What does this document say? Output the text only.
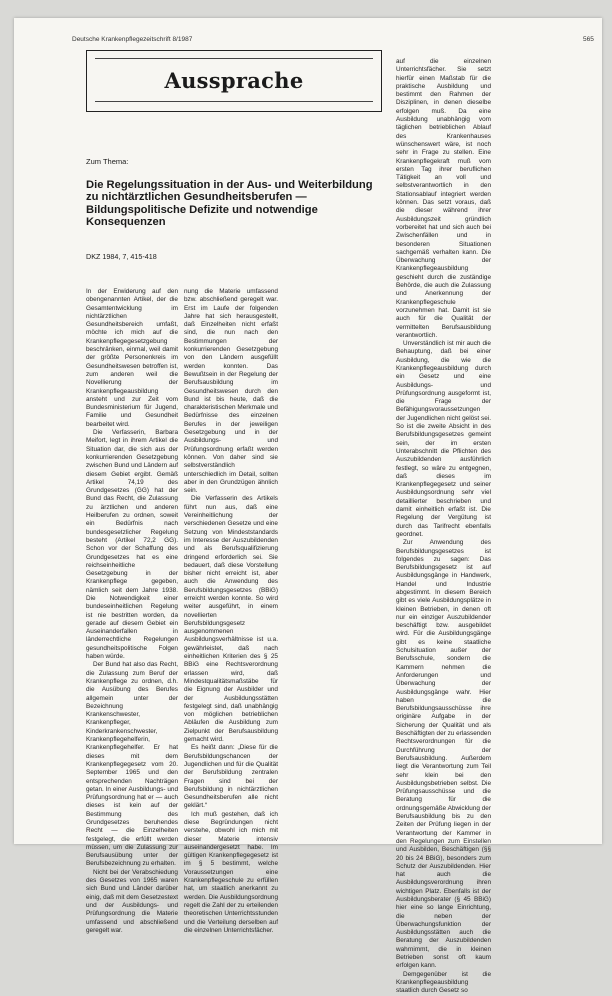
Deutsche Krankenpflegezeitschrift 8/1987	565
Aussprache
Zum Thema:
Die Regelungssituation in der Aus- und Weiterbildung zu nichtärztlichen Gesundheitsberufen — Bildungspolitische Defizite und notwendige Konsequenzen
DKZ 1984, 7, 415-418

In der Erwiderung auf den obengenannten Artikel, der die Gesamtentwicklung im nichtärztlichen Gesundheitsbereich umfaßt, möchte ich mich auf die Krankenpflegegesetzgebung beschränken, einmal, weil damit der größte Personenkreis im Gesundheitswesen betroffen ist, zum anderen weil die Novellierung der Krankenpflegeausbildung ansteht und zur Zeit vom Bundesministerium für Jugend, Familie und Gesundheit bearbeitet wird.

Die Verfasserin, Barbara Meifort, legt in ihrem Artikel die Situation dar, die sich aus der konkurrierenden Gesetzgebung zwischen Bund und Ländern auf diesem Gebiet ergibt. Gemäß Artikel 74,19 des Grundgesetzes (GG) hat der Bund das Recht, die Zulassung zu ärztlichen und anderen Heilberufen zu ordnen, soweit ein Bedürfnis nach bundesgesetzlicher Regelung besteht (Artikel 72,2 GG). Schon vor der Schaffung des Grundgesetzes hat es eine reichseinheitliche Gesetzgebung in der Krankenpflege gegeben, nämlich seit dem Jahre 1938. Die Notwendigkeit einer bundeseinheitlichen Regelung ist nie bestritten worden, da gerade auf diesem Gebiet ein Auseinanderfallen in länderrechtliche Regelungen gesundheitspolitische Folgen haben würde.

Der Bund hat also das Recht, die Zulassung zum Beruf der Krankenpflege zu ordnen, d.h. die Ausübung des Berufes allgemein unter der Bezeichnung Krankenschwester, Krankenpfleger, Kinderkrankenschwester, Krankenpflegehelferin, Krankenpflegehelfer. Er hat dieses mit dem Krankenpflegegesetz vom 20. September 1965 und den entsprechenden Nachträgen getan. In einer Ausbildungs- und Prüfungsordnung hat er — auch dieses ist kein auf der Bestimmung des Grundgesetzes beruhendes Recht — die Einzelheiten festgelegt, die erfüllt werden müssen, um die Zulassung zur Berufsausübung unter der Berufsbezeichnung zu erhalten.

Nicht bei der Verabschiedung des Gesetzes von 1965 waren sich Bund und Länder darüber einig, daß mit dem Gesetzestext und der Ausbildungs- und Prüfungsordnung die Materie umfassend und abschließend geregelt war.

nung die Materie umfassend bzw. abschließend geregelt war. Erst im Laufe der folgenden Jahre hat sich herausgestellt, daß Einzelheiten nicht erfaßt sind, die nun nach den Bestimmungen der konkurrierenden Gesetzgebung von den Ländern ausgefüllt werden konnten. Das Bewußtsein in der Regelung der Berufsausbildung im Gesundheitswesen durch den Bund ist bis heute, daß die charakteristischen Merkmale und Bedürfnisse des einzelnen Berufes in der jeweiligen Gesetzgebung und in der Ausbildungs- und Prüfungsordnung erfaßt werden können. Von daher sind sie selbstverständlich unterschiedlich im Detail, sollten aber in den Grundzügen ähnlich sein.

Die Verfasserin des Artikels führt nun aus, daß eine Vereinheitlichung der verschiedenen Gesetze und eine Setzung von Mindeststandards im Interesse der Auszubildenden und als Berufsqualifizierung dringend erforderlich sei. Sie bedauert, daß diese Vorstellung bisher nicht erreicht ist, aber auch die Anwendung des Berufsbildungsgesetzes (BBiG) erreicht werden konnte. So wird weiter ausgeführt, in einem novellierten Berufsbildungsgesetz ausgenommenen Ausbildungsverhältnisse ist u.a. gewährleistet, daß nach einheitlichen Kriterien des § 25 BBiG eine Rechtsverordnung erlassen wird, daß Mindestqualitätsmaßstäbe für die Eignung der Ausbilder und der Ausbildungsstätten festgelegt sind, daß unabhängig von möglichen betrieblichen Abläufen die Ausbildung zum Zielpunkt der Berufsausbildung gemacht wird.

Es heißt dann: „Diese für die Berufsbildungschancen der Jugendlichen und für die Qualität der Berufsbildung zentralen Fragen sind bei der Berufsbildung in nichtärztlichen Gesundheitsberufen alle nicht geklärt.“

Ich muß gestehen, daß ich diese Begründungen nicht verstehe, obwohl ich mich mit dieser Materie intensiv auseinandergesetzt habe. Im gültigen Krankenpflegegesetz ist im § 5 bestimmt, welche Voraussetzungen eine Krankenpflegeschule zu erfüllen hat, um staatlich anerkannt zu werden. Die Ausbildungsordnung regelt die Zahl der zu erteilenden theoretischen Unterrichtsstunden und die Verteilung derselben auf die einzelnen Unterrichtsfächer.

auf die einzelnen Unterrichtsfächer. Sie setzt hierfür einen Maßstab für die praktische Ausbildung und bestimmt den Rahmen der Disziplinen, in denen dieselbe erfolgen muß. Da eine Ausbildung unabhängig vom täglichen betrieblichen Ablauf des Krankenhauses wünschenswert wäre, ist noch sehr in Frage zu stellen. Eine Krankenpflegekraft muß vom ersten Tag ihrer beruflichen Tätigkeit an voll und selbstverantwortlich in den Stationsablauf integriert werden können. Das setzt voraus, daß die dieser während ihrer Ausbildungszeit gründlich vorbereitet hat und sich auch bei Zwischenfällen und in besonderen Situationen sachgemäß verhalten kann. Die Überwachung der Krankenpflegeausbildung geschieht durch die zuständige Behörde, die auch die Zulassung und Anerkennung der Krankenpflegeschule vorzunehmen hat. Damit ist sie auch für die Qualität der vermittelten Berufsausbildung verantwortlich.

Unverständlich ist mir auch die Behauptung, daß bei einer Ausbildung, die wie die Krankenpflegeausbildung durch ein Gesetz und eine Ausbildungs- und Prüfungsordnung ausgeformt ist, die Frage der Befähigungsvoraussetzungen der Jugendlichen nicht gelöst sei. So ist die zweite Absicht in des Berufsbildungsgesetzes gemeint sein, der im ersten Unterabschnitt die Pflichten des Auszubildenden ausführlich festlegt, so wäre zu entgegnen, daß dieses im Krankenpflegegesetz und seiner Ausbildungsordnung sehr viel detaillierter beschrieben und damit einheitlich erfaßt ist. Die Regelung der Vergütung ist durch das Tarifrecht ebenfalls geordnet.

Zur Anwendung des Berufsbildungsgesetzes ist folgendes zu sagen: Das Berufsbildungsgesetz ist auf Ausbildungsgänge in Handwerk, Handel und Industrie abgestimmt. In diesem Bereich gibt es viele Ausbildungsplätze in kleinen Betrieben, in denen oft nur ein einziger Auszubildender beschäftigt bzw. ausgebildet wird. Für die Ausbildungsgänge gibt es keine staatliche Schulsituation außer der Berufsschule, sondern die Kammern nehmen die Anforderungen und Überwachung der Ausbildungsgänge wahr. Hier haben die Berufsbildungsausschüsse ihre originäre Aufgabe in der Sicherung der Qualität und als Beschäftigten der zu erlassenden Rechtsverordnungen für die Durchführung der Berufsausbildung. Außerdem liegt die Verantwortung zum Teil sehr klein bei den Ausbildungsbetrieben selbst. Die Prüfungsausschüsse und die Beratung für die ordnungsgemäße Abwicklung der Berufsausbildung bis zu den Zeiten der Prüfung liegen in der Verantwortung der Kammer in den Regelungen zum Einstellen und Ausbilden, Beschäftigen (§§ 20 bis 24 BBiG), besonders zum Schutz der Auszubildenden. Hier hat auch die Ausbildungsverordnung ihren wichtigen Platz. Ebenfalls ist der Ausbildungsberater (§ 45 BBiG) hier eine so lange Einrichtung, die neben der Überwachungsfunktion der Ausbildungsstätten auch die Beratung der Auszubildenden wahrnimmt, die in kleinen Betrieben sonst oft kaum erfolgen kann.

Demgegenüber ist die Krankenpflegeausbildung staatlich durch Gesetz so
